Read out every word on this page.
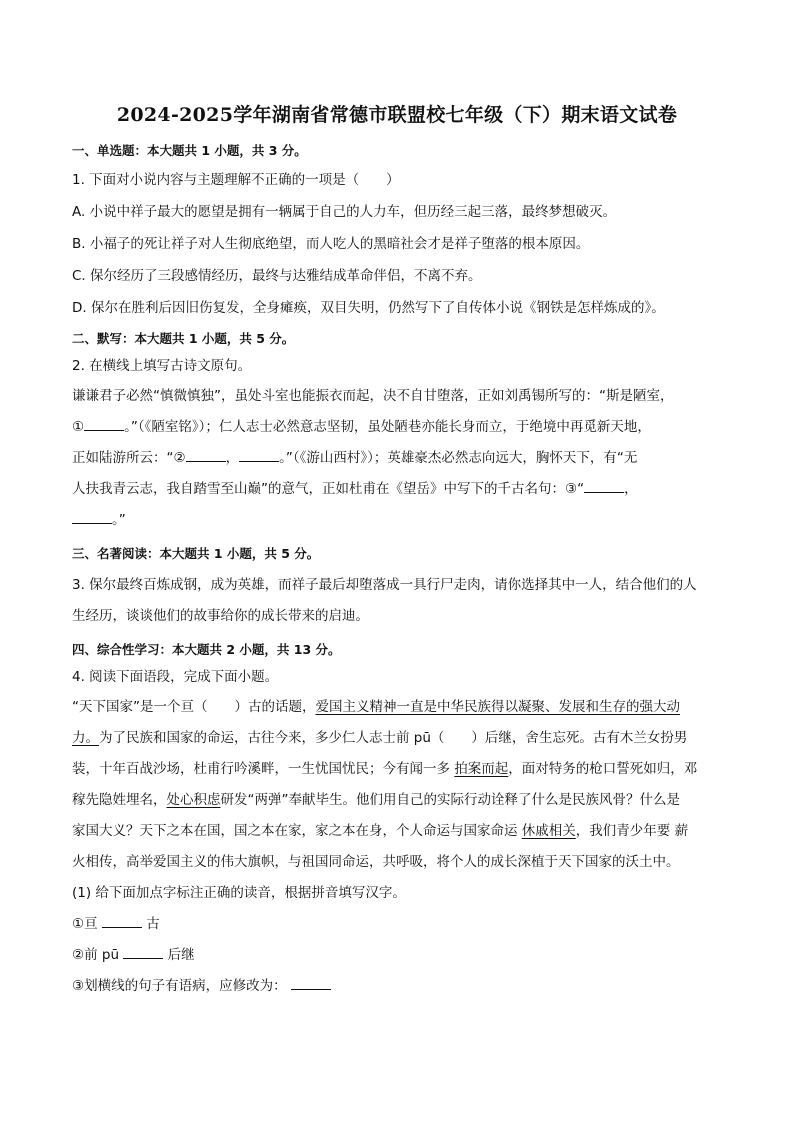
2024-2025学年湖南省常德市联盟校七年级（下）期末语文试卷
一、单选题：本大题共 1 小题，共 3 分。
1. 下面对小说内容与主题理解不正确的一项是（　　）
A. 小说中祥子最大的愿望是拥有一辆属于自己的人力车，但历经三起三落，最终梦想破灭。
B. 小福子的死让祥子对人生彻底绝望，而人吃人的黑暗社会才是祥子堕落的根本原因。
C. 保尔经历了三段感情经历，最终与达雅结成革命伴侣，不离不弃。
D. 保尔在胜利后因旧伤复发，全身瘫痪，双目失明，仍然写下了自传体小说《钢铁是怎样炼成的》。
二、默写：本大题共 1 小题，共 5 分。
2. 在横线上填写古诗文原句。

谦谦君子必然“慎微慎独”，虽处斗室也能振衣而起，决不自甘堕落，正如刘禹锡所写的：“斯是陋室，

①	。”（《陋室铭》）；仁人志士必然意志坚韧，虽处陋巷亦能长身而立，于绝境中再觅新天地，

正如陆游所云：“②	，	。”（《游山西村》）；英雄豪杰必然志向远大，胸怀天下，有“无

人扶我青云志，我自踏雪至山巅”的意气，正如杜甫在《望岳》中写下的千古名句：③“	，

。”

三、名著阅读：本大题共 1 小题，共 5 分。

3. 保尔最终百炼成钢，成为英雄，而祥子最后却堕落成一具行尸走肉，请你选择其中一人，结合他们的人

生经历，谈谈他们的故事给你的成长带来的启迪。

四、综合性学习：本大题共 2 小题，共 13 分。
4. 阅读下面语段，完成下面小题。

“天下国家”是一个亘（　　）古的话题，爱国主义精神一直是中华民族得以凝聚、发展和生存的强大动

力。为了民族和国家的命运，古往今来，多少仁人志士前 pū（　　）后继，舍生忘死。古有木兰女扮男

装，十年百战沙场，杜甫行吟溪畔，一生忧国忧民；今有闻一多 拍案而起，面对特务的枪口誓死如归，邓

稼先隐姓埋名，处心积虑研发“两弹”奉献毕生。他们用自己的实际行动诠释了什么是民族风骨？什么是

家国大义？天下之本在国，国之本在家，家之本在身，个人命运与国家命运 休戚相关，我们青少年要 薪

火相传，高举爱国主义的伟大旗帜，与祖国同命运，共呼吸，将个人的成长深植于天下国家的沃土中。

(1) 给下面加点字标注正确的读音，根据拼音填写汉字。

①亘	古

②前 pū	后继

③划横线的句子有语病，应修改为：
